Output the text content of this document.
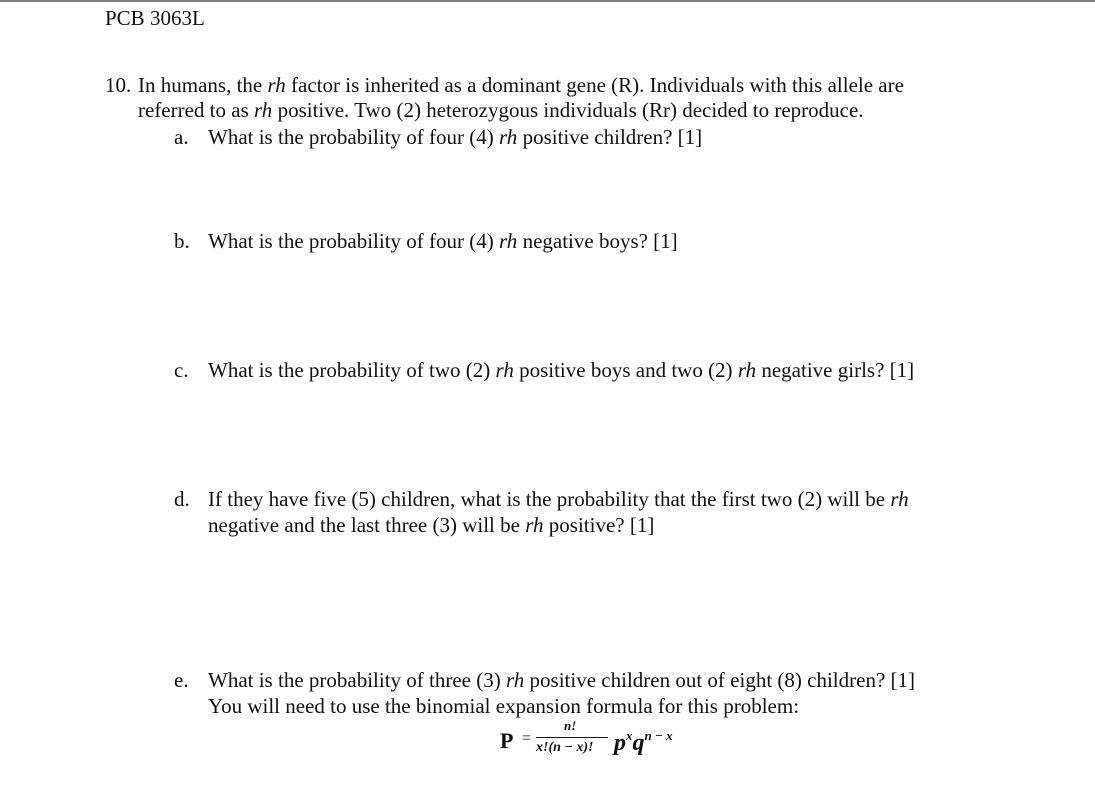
PCB 3063L
10. In humans, the rh factor is inherited as a dominant gene (R). Individuals with this allele are
referred to as rh positive. Two (2) heterozygous individuals (Rr) decided to reproduce.
a. What is the probability of four (4) rh positive children? [1]
b. What is the probability of four (4) rh negative boys? [1]
c. What is the probability of two (2) rh positive boys and two (2) rh negative girls? [1]
d. If they have five (5) children, what is the probability that the first two (2) will be rh
negative and the last three (3) will be rh positive? [1]
e. What is the probability of three (3) rh positive children out of eight (8) children? [1]
You will need to use the binomial expansion formula for this problem:
P =
n!
x!(n − x)! $p^xq^{n - x}$
